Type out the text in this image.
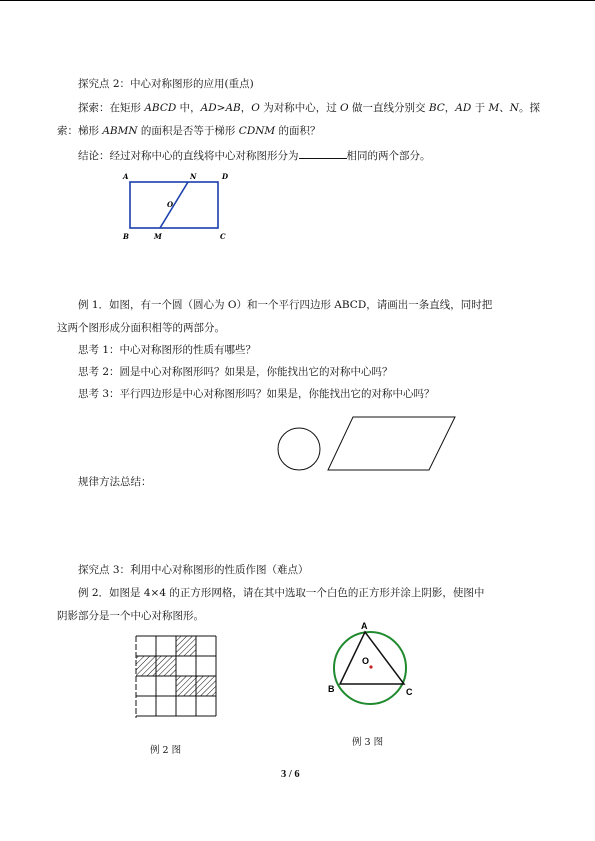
探究点 2：中心对称图形的应用(重点)
探索：在矩形 ABCD 中，AD>AB，O 为对称中心，过 O 做一直线分别交 BC，AD 于 M、N。探
索：梯形 ABMN 的面积是否等于梯形 CDNM 的面积？
结论：经过对称中心的直线将中心对称图形分为	相同的两个部分。
A	N	D
O
B	M	C
例 1．如图，有一个圆（圆心为 O）和一个平行四边形 ABCD，请画出一条直线，同时把
这两个图形成分面积相等的两部分。
思考 1：中心对称图形的性质有哪些？
思考 2：圆是中心对称图形吗？如果是，你能找出它的对称中心吗？
思考 3：平行四边形是中心对称图形吗？如果是，你能找出它的对称中心吗？
规律方法总结：
探究点 3：利用中心对称图形的性质作图（难点）
例 2．如图是 4×4 的正方形网格，请在其中选取一个白色的正方形并涂上阴影，使图中
阴影部分是一个中心对称图形。
A
O
B	C
例 2 图
例 3 图
3 / 6
